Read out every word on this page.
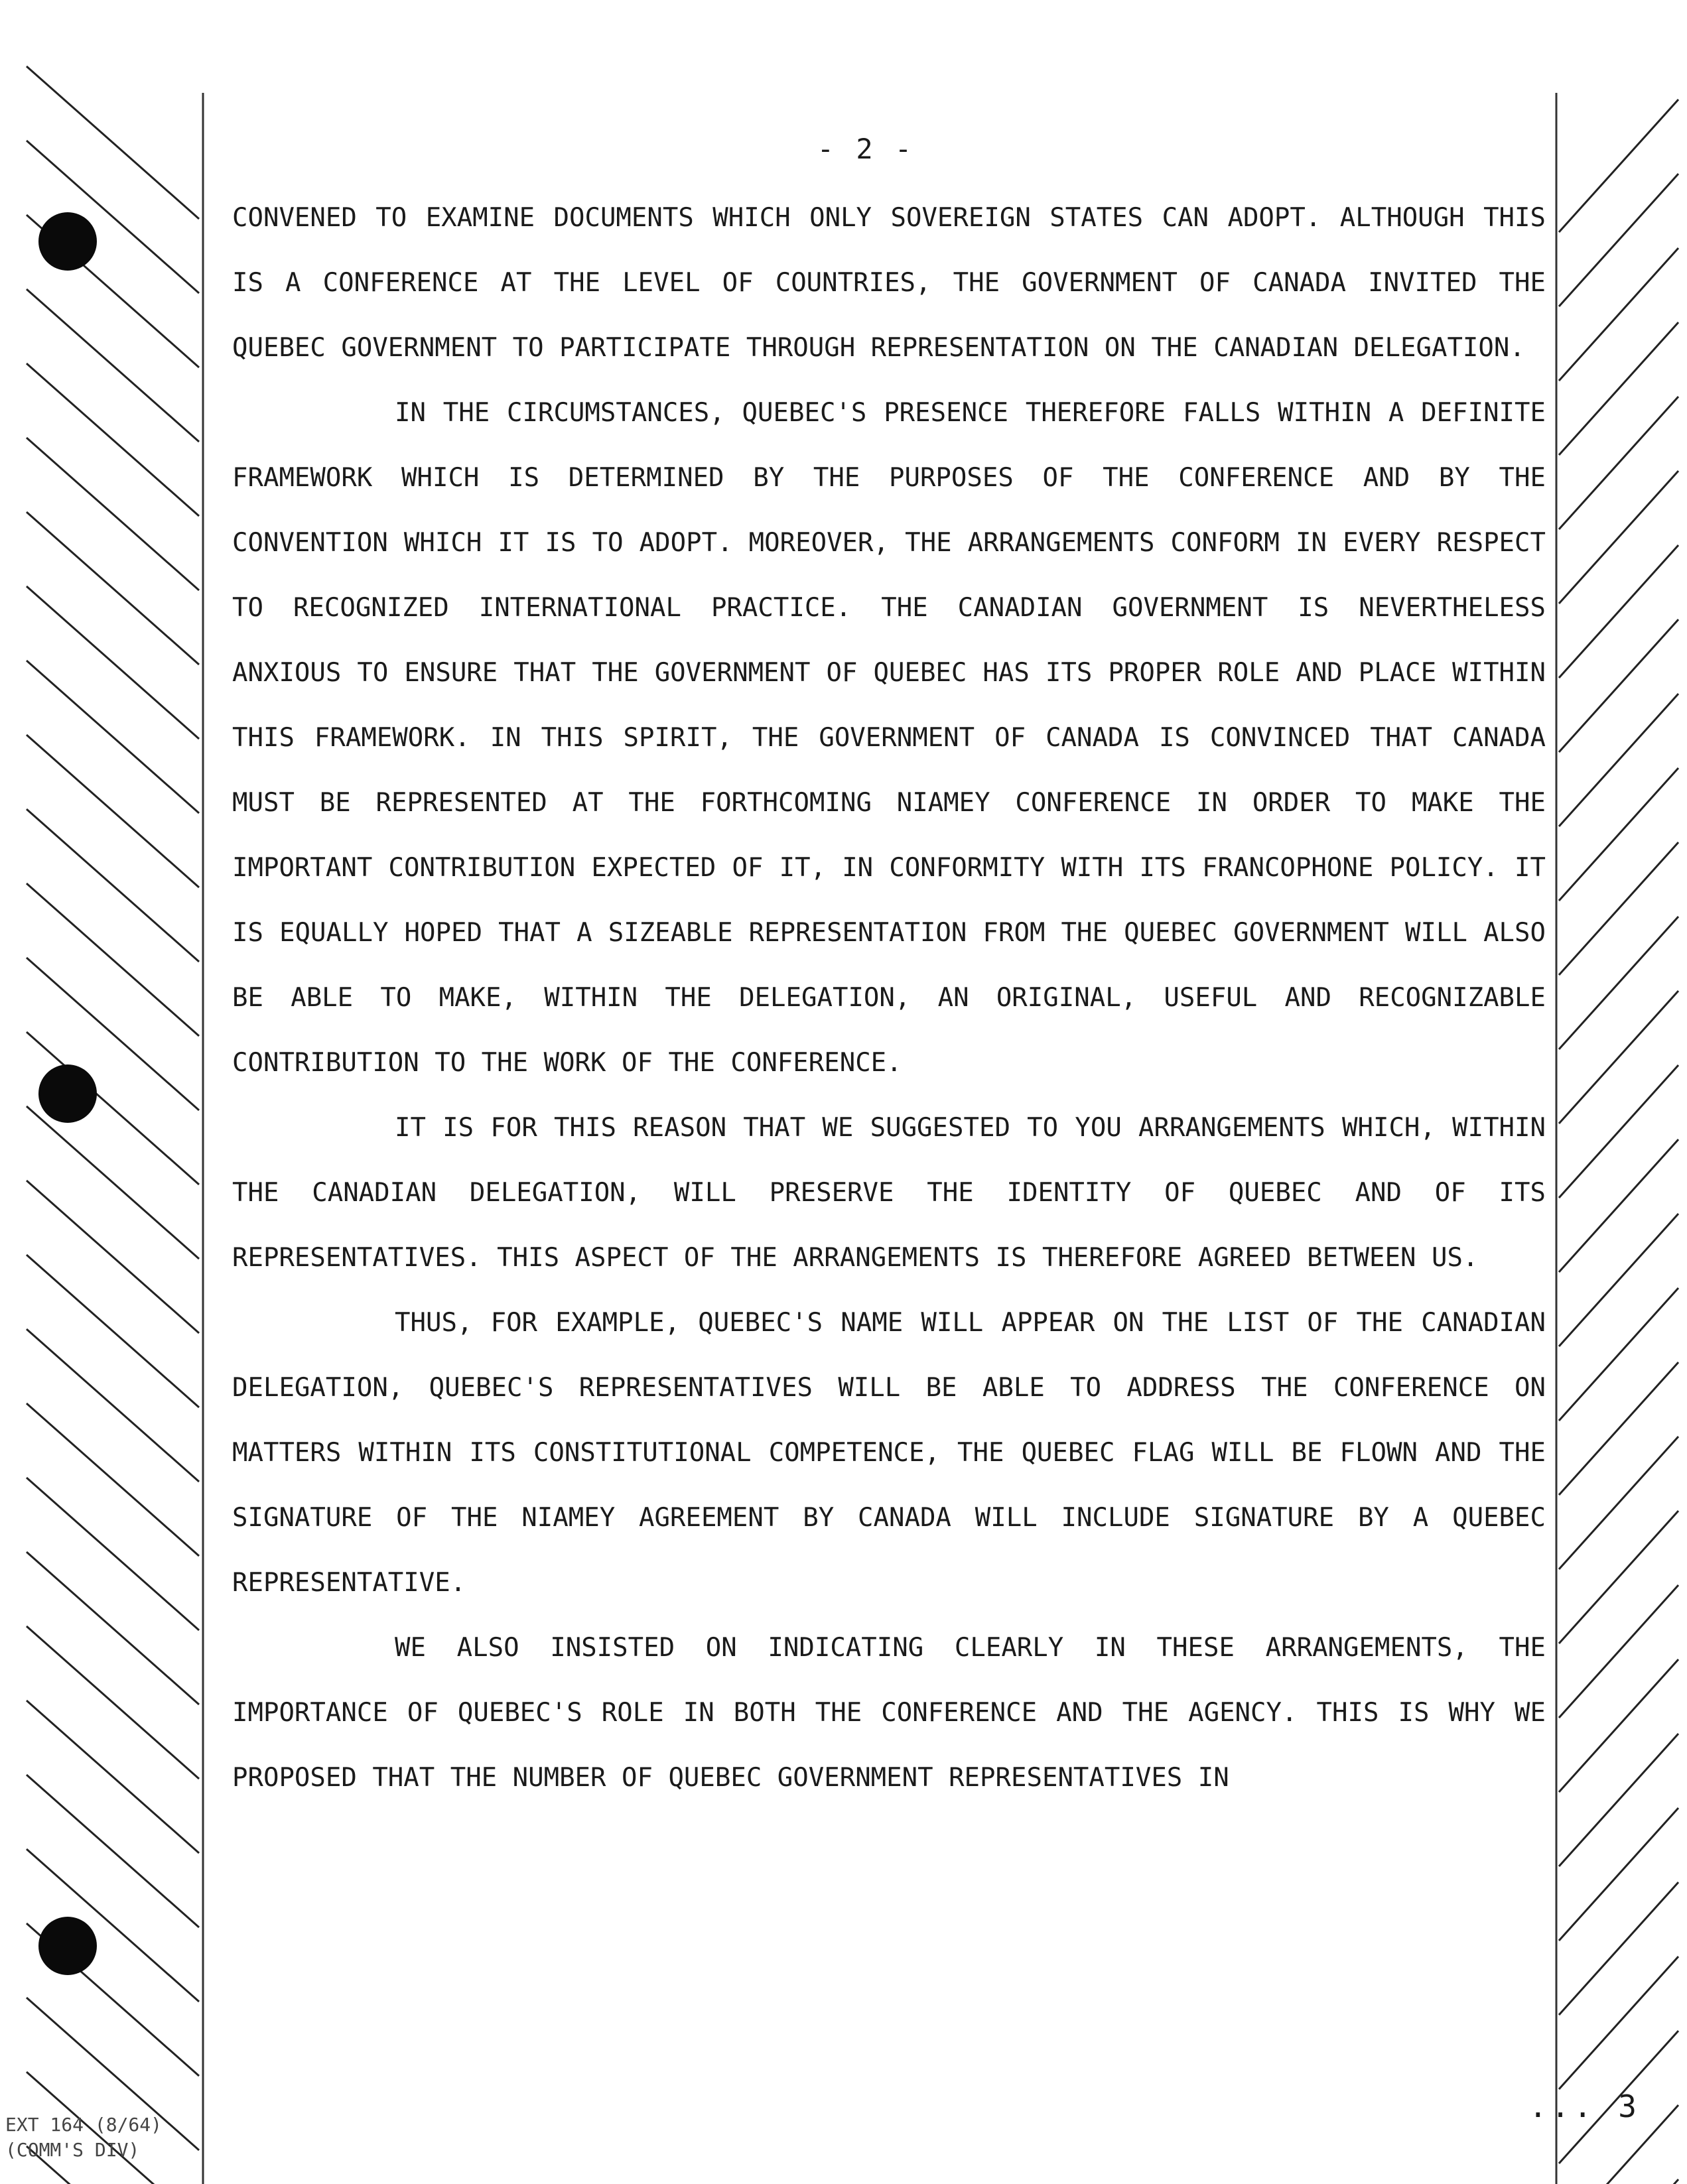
- 2 -

CONVENED TO EXAMINE DOCUMENTS WHICH ONLY SOVEREIGN STATES CAN ADOPT. ALTHOUGH THIS IS A CONFERENCE AT THE LEVEL OF COUNTRIES, THE GOVERNMENT OF CANADA INVITED THE QUEBEC GOVERNMENT TO PARTICIPATE THROUGH REPRESENTATION ON THE CANADIAN DELEGATION.

IN THE CIRCUMSTANCES, QUEBEC'S PRESENCE THEREFORE FALLS WITHIN A DEFINITE FRAMEWORK WHICH IS DETERMINED BY THE PURPOSES OF THE CONFERENCE AND BY THE CONVENTION WHICH IT IS TO ADOPT. MOREOVER, THE ARRANGEMENTS CONFORM IN EVERY RESPECT TO RECOGNIZED INTERNATIONAL PRACTICE. THE CANADIAN GOVERNMENT IS NEVERTHELESS ANXIOUS TO ENSURE THAT THE GOVERNMENT OF QUEBEC HAS ITS PROPER ROLE AND PLACE WITHIN THIS FRAMEWORK. IN THIS SPIRIT, THE GOVERNMENT OF CANADA IS CONVINCED THAT CANADA MUST BE REPRESENTED AT THE FORTHCOMING NIAMEY CONFERENCE IN ORDER TO MAKE THE IMPORTANT CONTRIBUTION EXPECTED OF IT, IN CONFORMITY WITH ITS FRANCOPHONE POLICY. IT IS EQUALLY HOPED THAT A SIZEABLE REPRESENTATION FROM THE QUEBEC GOVERNMENT WILL ALSO BE ABLE TO MAKE, WITHIN THE DELEGATION, AN ORIGINAL, USEFUL AND RECOGNIZABLE CONTRIBUTION TO THE WORK OF THE CONFERENCE.

IT IS FOR THIS REASON THAT WE SUGGESTED TO YOU ARRANGEMENTS WHICH, WITHIN THE CANADIAN DELEGATION, WILL PRESERVE THE IDENTITY OF QUEBEC AND OF ITS REPRESENTATIVES. THIS ASPECT OF THE ARRANGEMENTS IS THEREFORE AGREED BETWEEN US.

THUS, FOR EXAMPLE, QUEBEC'S NAME WILL APPEAR ON THE LIST OF THE CANADIAN DELEGATION, QUEBEC'S REPRESENTATIVES WILL BE ABLE TO ADDRESS THE CONFERENCE ON MATTERS WITHIN ITS CONSTITUTIONAL COMPETENCE, THE QUEBEC FLAG WILL BE FLOWN AND THE SIGNATURE OF THE NIAMEY AGREEMENT BY CANADA WILL INCLUDE SIGNATURE BY A QUEBEC REPRESENTATIVE.

WE ALSO INSISTED ON INDICATING CLEARLY IN THESE ARRANGEMENTS, THE IMPORTANCE OF QUEBEC'S ROLE IN BOTH THE CONFERENCE AND THE AGENCY. THIS IS WHY WE PROPOSED THAT THE NUMBER OF QUEBEC GOVERNMENT REPRESENTATIVES IN

... 3
EXT 164 (8/64)
(COMM'S DIV)
